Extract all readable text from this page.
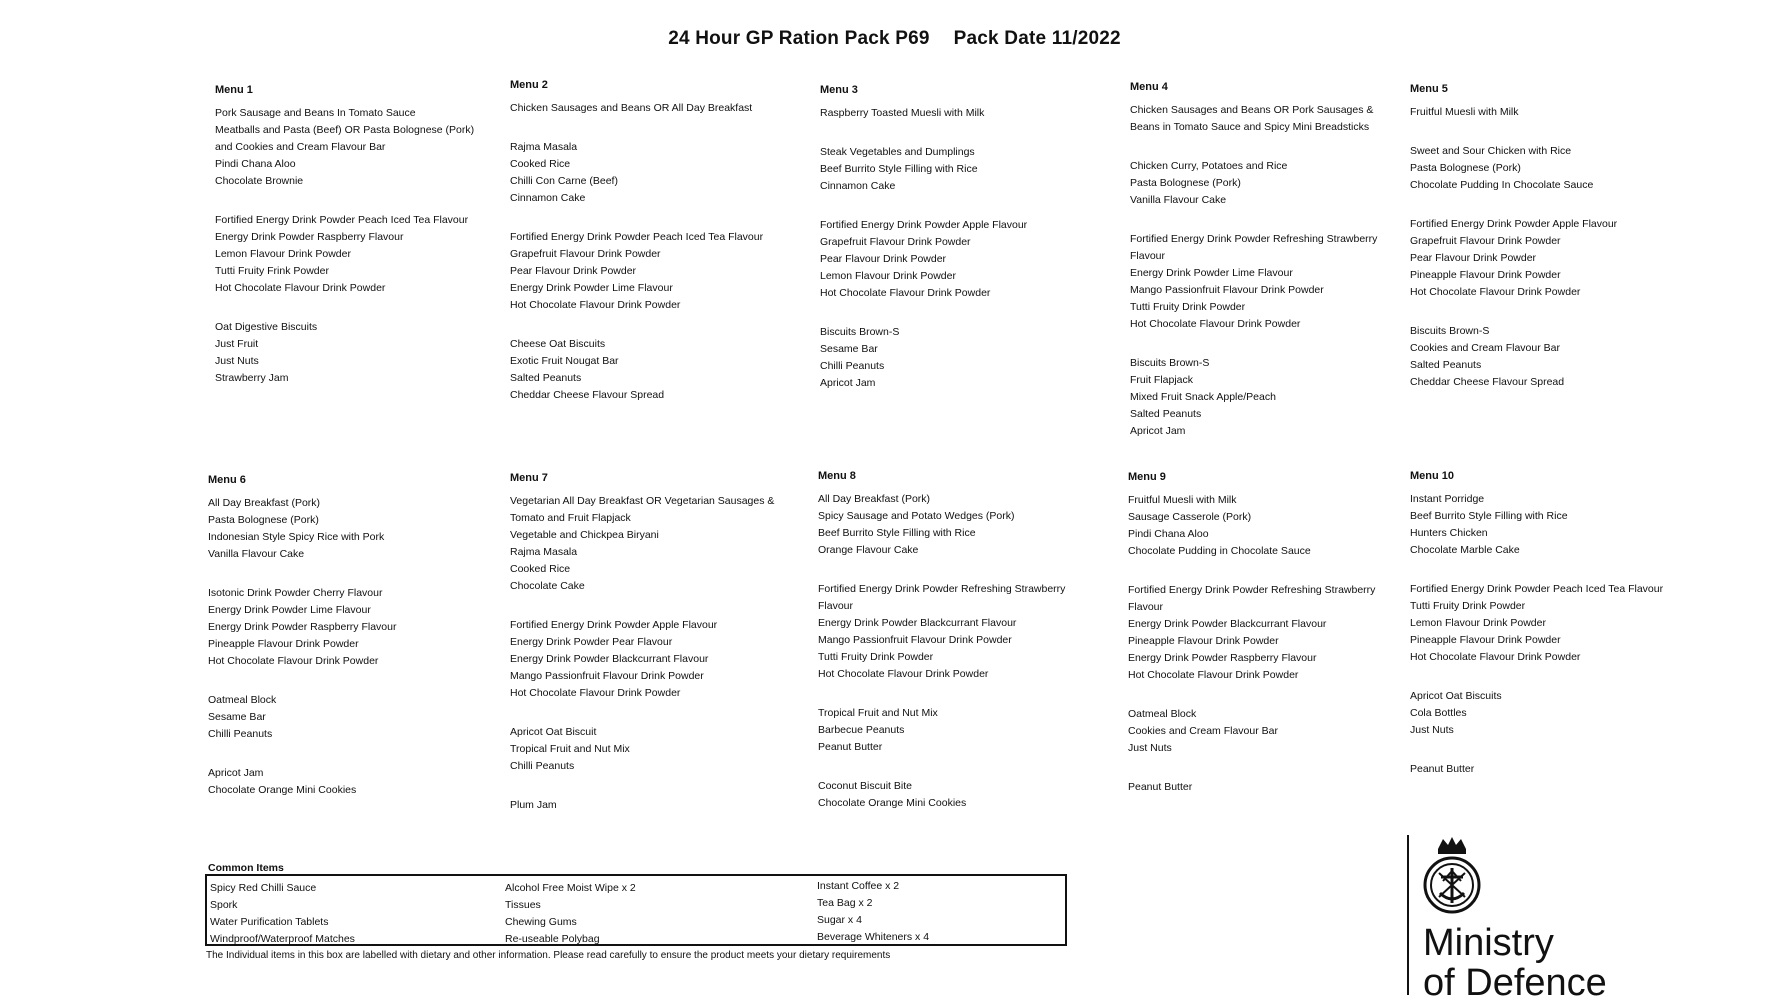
24 Hour GP Ration Pack P69 Pack Date 11/2022
Menu 1
Pork Sausage and Beans In Tomato Sauce
Meatballs and Pasta (Beef) OR Pasta Bolognese (Pork) and Cookies and Cream Flavour Bar
Pindi Chana Aloo
Chocolate Brownie
Fortified Energy Drink Powder Peach Iced Tea Flavour
Energy Drink Powder Raspberry Flavour
Lemon Flavour Drink Powder
Tutti Fruity Frink Powder
Hot Chocolate Flavour Drink Powder
Oat Digestive Biscuits
Just Fruit
Just Nuts
Strawberry Jam
Menu 2
Chicken Sausages and Beans OR All Day Breakfast
Rajma Masala
Cooked Rice
Chilli Con Carne (Beef)
Cinnamon Cake
Fortified Energy Drink Powder Peach Iced Tea Flavour
Grapefruit Flavour Drink Powder
Pear Flavour Drink Powder
Energy Drink Powder Lime Flavour
Hot Chocolate Flavour Drink Powder
Cheese Oat Biscuits
Exotic Fruit Nougat Bar
Salted Peanuts
Cheddar Cheese Flavour Spread
Menu 3
Raspberry Toasted Muesli with Milk
Steak Vegetables and Dumplings
Beef Burrito Style Filling with Rice
Cinnamon Cake
Fortified Energy Drink Powder Apple Flavour
Grapefruit Flavour Drink Powder
Pear Flavour Drink Powder
Lemon Flavour Drink Powder
Hot Chocolate Flavour Drink Powder
Biscuits Brown-S
Sesame Bar
Chilli Peanuts
Apricot Jam
Menu 4
Chicken Sausages and Beans OR Pork Sausages & Beans in Tomato Sauce and Spicy Mini Breadsticks
Chicken Curry, Potatoes and Rice
Pasta Bolognese (Pork)
Vanilla Flavour Cake
Fortified Energy Drink Powder Refreshing Strawberry Flavour
Energy Drink Powder Lime Flavour
Mango Passionfruit Flavour Drink Powder
Tutti Fruity Drink Powder
Hot Chocolate Flavour Drink Powder
Biscuits Brown-S
Fruit Flapjack
Mixed Fruit Snack Apple/Peach
Salted Peanuts
Apricot Jam
Menu 5
Fruitful Muesli with Milk
Sweet and Sour Chicken with Rice
Pasta Bolognese (Pork)
Chocolate Pudding In Chocolate Sauce
Fortified Energy Drink Powder Apple Flavour
Grapefruit Flavour Drink Powder
Pear Flavour Drink Powder
Pineapple Flavour Drink Powder
Hot Chocolate Flavour Drink Powder
Biscuits Brown-S
Cookies and Cream Flavour Bar
Salted Peanuts
Cheddar Cheese Flavour Spread
Menu 6
All Day Breakfast (Pork)
Pasta Bolognese (Pork)
Indonesian Style Spicy Rice with Pork
Vanilla Flavour Cake
Isotonic Drink Powder Cherry Flavour
Energy Drink Powder Lime Flavour
Energy Drink Powder Raspberry Flavour
Pineapple Flavour Drink Powder
Hot Chocolate Flavour Drink Powder
Oatmeal Block
Sesame Bar
Chilli Peanuts
Apricot Jam
Chocolate Orange Mini Cookies
Menu 7
Vegetarian All Day Breakfast OR Vegetarian Sausages & Tomato and Fruit Flapjack
Vegetable and Chickpea Biryani
Rajma Masala
Cooked Rice
Chocolate Cake
Fortified Energy Drink Powder Apple Flavour
Energy Drink Powder Pear Flavour
Energy Drink Powder Blackcurrant Flavour
Mango Passionfruit Flavour Drink Powder
Hot Chocolate Flavour Drink Powder
Apricot Oat Biscuit
Tropical Fruit and Nut Mix
Chilli Peanuts
Plum Jam
Menu 8
All Day Breakfast (Pork)
Spicy Sausage and Potato Wedges (Pork)
Beef Burrito Style Filling with Rice
Orange Flavour Cake
Fortified Energy Drink Powder Refreshing Strawberry Flavour
Energy Drink Powder Blackcurrant Flavour
Mango Passionfruit Flavour Drink Powder
Tutti Fruity Drink Powder
Hot Chocolate Flavour Drink Powder
Tropical Fruit and Nut Mix
Barbecue Peanuts
Peanut Butter
Coconut Biscuit Bite
Chocolate Orange Mini Cookies
Menu 9
Fruitful Muesli with Milk
Sausage Casserole (Pork)
Pindi Chana Aloo
Chocolate Pudding in Chocolate Sauce
Fortified Energy Drink Powder Refreshing Strawberry Flavour
Energy Drink Powder Blackcurrant Flavour
Pineapple Flavour Drink Powder
Energy Drink Powder Raspberry Flavour
Hot Chocolate Flavour Drink Powder
Oatmeal Block
Cookies and Cream Flavour Bar
Just Nuts
Peanut Butter
Menu 10
Instant Porridge
Beef Burrito Style Filling with Rice
Hunters Chicken
Chocolate Marble Cake
Fortified Energy Drink Powder Peach Iced Tea Flavour
Tutti Fruity Drink Powder
Lemon Flavour Drink Powder
Pineapple Flavour Drink Powder
Hot Chocolate Flavour Drink Powder
Apricot Oat Biscuits
Cola Bottles
Just Nuts
Peanut Butter
Common Items
Spicy Red Chilli Sauce
Spork
Water Purification Tablets
Windproof/Waterproof Matches
Alcohol Free Moist Wipe x 2
Tissues
Chewing Gums
Re-useable Polybag
Instant Coffee x 2
Tea Bag x 2
Sugar x 4
Beverage Whiteners x 4
The Individual items in this box are labelled with dietary and other information. Please read carefully to ensure the product meets your dietary requirements	Ministry
of Defence
